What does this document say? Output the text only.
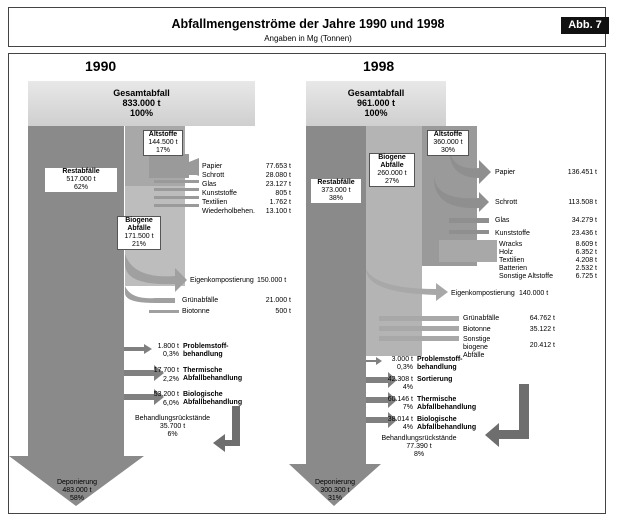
Abfallmengenströme der Jahre 1990 und 1998
Angaben in Mg (Tonnen)
Abb. 7
1990
Gesamtabfall
833.000 t
100%
Restabfälle
517.000 t
62%
Altstoffe
144.500 t
17%
Papier	77.653 t
Schrott	28.080 t
Glas	23.127 t
Kunststoffe	805 t
Textilien	1.762 t
Wiederholbehen.	13.100 t
Biogene Abfälle
171.500 t
21%
Eigenkompostierung 150.000 t
Grünabfälle	21.000 t
Biotonne	500 t
1.800 t
0,3%
Problemstoff-behandlung
17.700 t
2,2%
Thermische Abfallbehandlung
53.200 t
6,0%
Biologische Abfallbehandlung
Behandlungsrückstände
35.700 t
6%
Deponierung
483.000 t
58%
1998
Gesamtabfall
961.000 t
100%
Restabfälle
373.000 t
38%
Biogene Abfälle
260.000 t
27%
Altstoffe
360.000 t
30%
Papier	136.451 t
Schrott	113.508 t
Glas	34.279 t
Kunststoffe	23.436 t
Wracks	8.609 t
Holz	6.352 t
Textilien	4.208 t
Batterien	2.532 t
Sonstige Altstoffe	6.725 t
Eigenkompostierung 140.000 t
Grünabfälle	64.762 t
Biotonne	35.122 t
Sonstige biogene Abfälle
20.412 t
3.000 t
0,3%
Problemstoff-behandlung
42.308 t
4%
Sortierung
60.146 t
7%
Thermische Abfallbehandlung
38.014 t
4%
Biologische Abfallbehandlung
Behandlungsrückstände
77.390 t
8%
Deponierung
300.300 t
31%
